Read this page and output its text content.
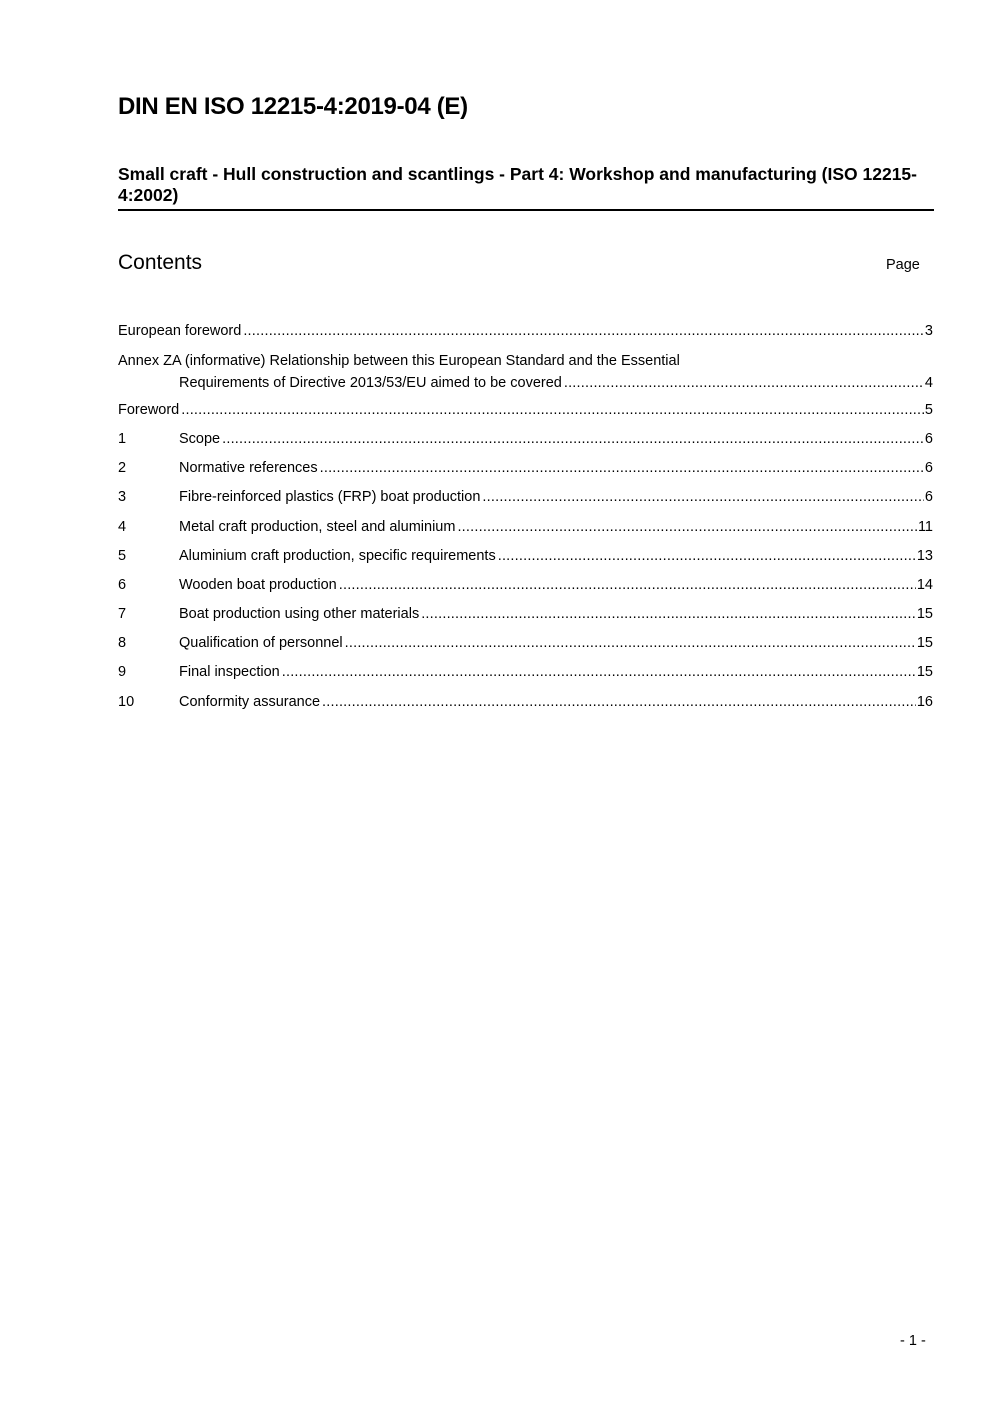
DIN EN ISO 12215-4:2019-04 (E)
Small craft - Hull construction and scantlings - Part 4: Workshop and manufacturing (ISO 12215-4:2002)
Contents	Page
European foreword .....	3
Annex ZA (informative) Relationship between this European Standard and the Essential
Requirements of Directive 2013/53/EU aimed to be covered .....	4
Foreword .....	5
1	Scope .....	6
2	Normative references .....	6
3	Fibre-reinforced plastics (FRP) boat production .....	6
4	Metal craft production, steel and aluminium .....	11
5	Aluminium craft production, specific requirements .....	13
6	Wooden boat production .....	14
7	Boat production using other materials .....	15
8	Qualification of personnel .....	15
9	Final inspection .....	15
10	Conformity assurance .....	16
- 1 -
